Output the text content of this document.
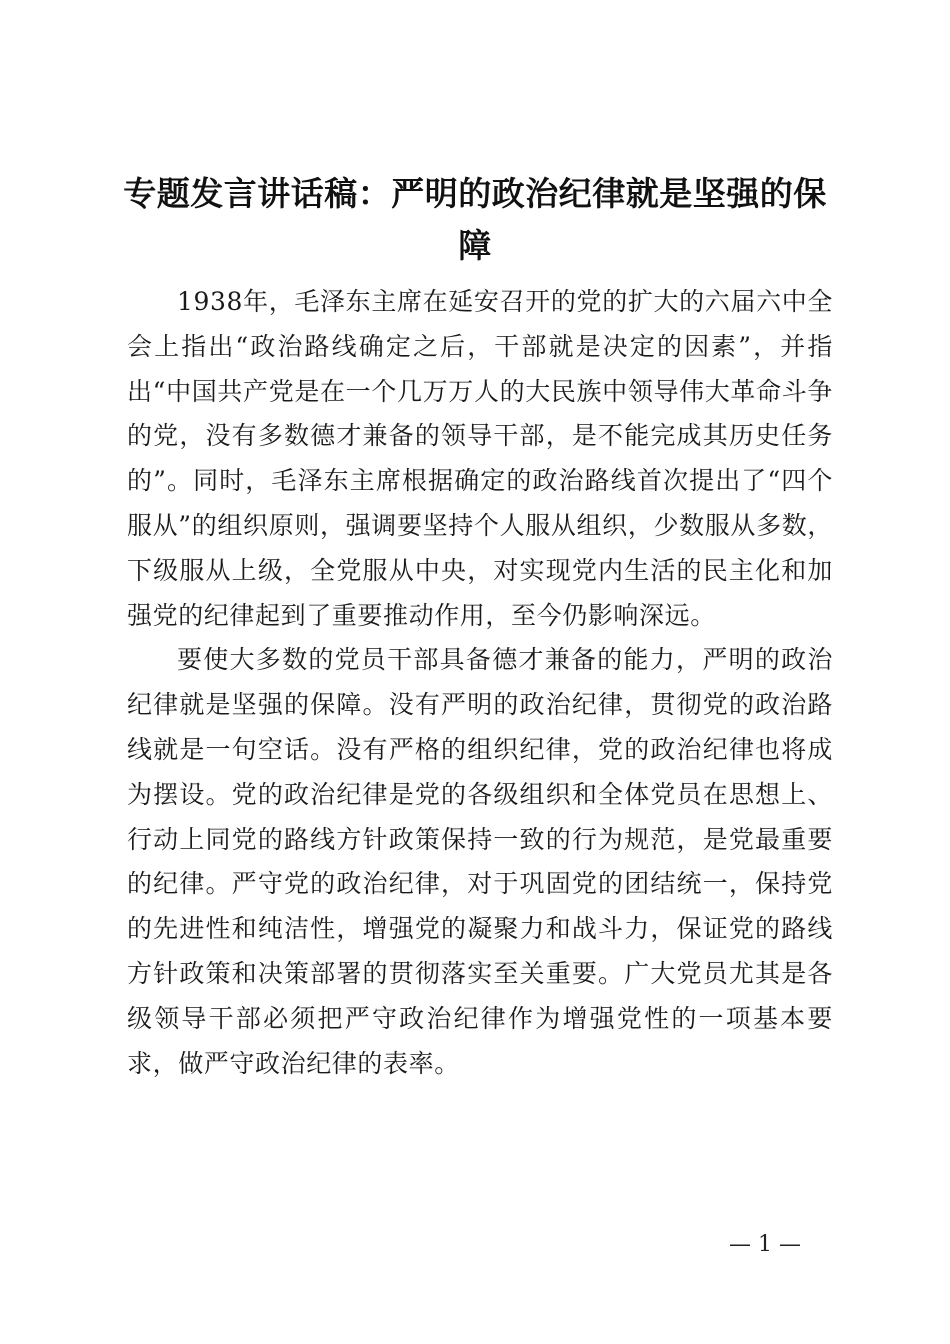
专题发言讲话稿：严明的政治纪律就是坚强的保障

1938年，毛泽东主席在延安召开的党的扩大的六届六中全会上指出“政治路线确定之后，干部就是决定的因素”，并指出“中国共产党是在一个几万万人的大民族中领导伟大革命斗争的党，没有多数德才兼备的领导干部，是不能完成其历史任务的”。同时，毛泽东主席根据确定的政治路线首次提出了“四个服从”的组织原则，强调要坚持个人服从组织，少数服从多数，下级服从上级，全党服从中央，对实现党内生活的民主化和加强党的纪律起到了重要推动作用，至今仍影响深远。

要使大多数的党员干部具备德才兼备的能力，严明的政治纪律就是坚强的保障。没有严明的政治纪律，贯彻党的政治路线就是一句空话。没有严格的组织纪律，党的政治纪律也将成为摆设。党的政治纪律是党的各级组织和全体党员在思想上、行动上同党的路线方针政策保持一致的行为规范，是党最重要的纪律。严守党的政治纪律，对于巩固党的团结统一，保持党的先进性和纯洁性，增强党的凝聚力和战斗力，保证党的路线方针政策和决策部署的贯彻落实至关重要。广大党员尤其是各级领导干部必须把严守政治纪律作为增强党性的一项基本要求，做严守政治纪律的表率。

— 1 —
